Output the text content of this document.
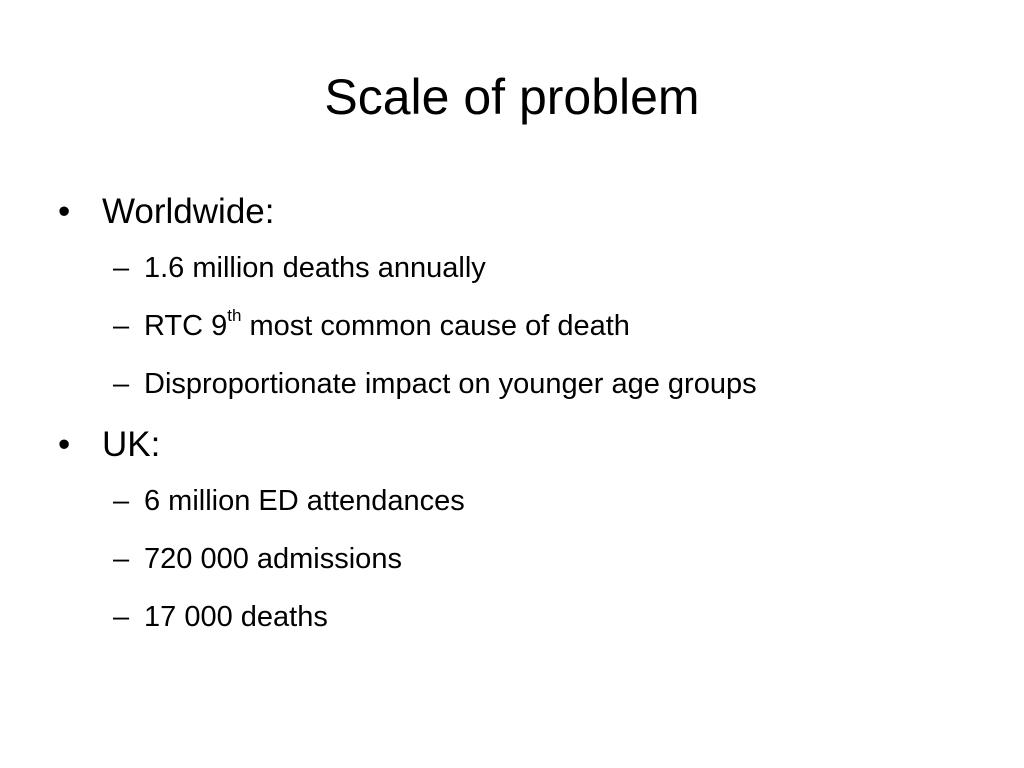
Scale of problem

• Worldwide:

– 1.6 million deaths annually

– RTC 9th most common cause of death

– Disproportionate impact on younger age groups

• UK:

– 6 million ED attendances

– 720 000 admissions

– 17 000 deaths
